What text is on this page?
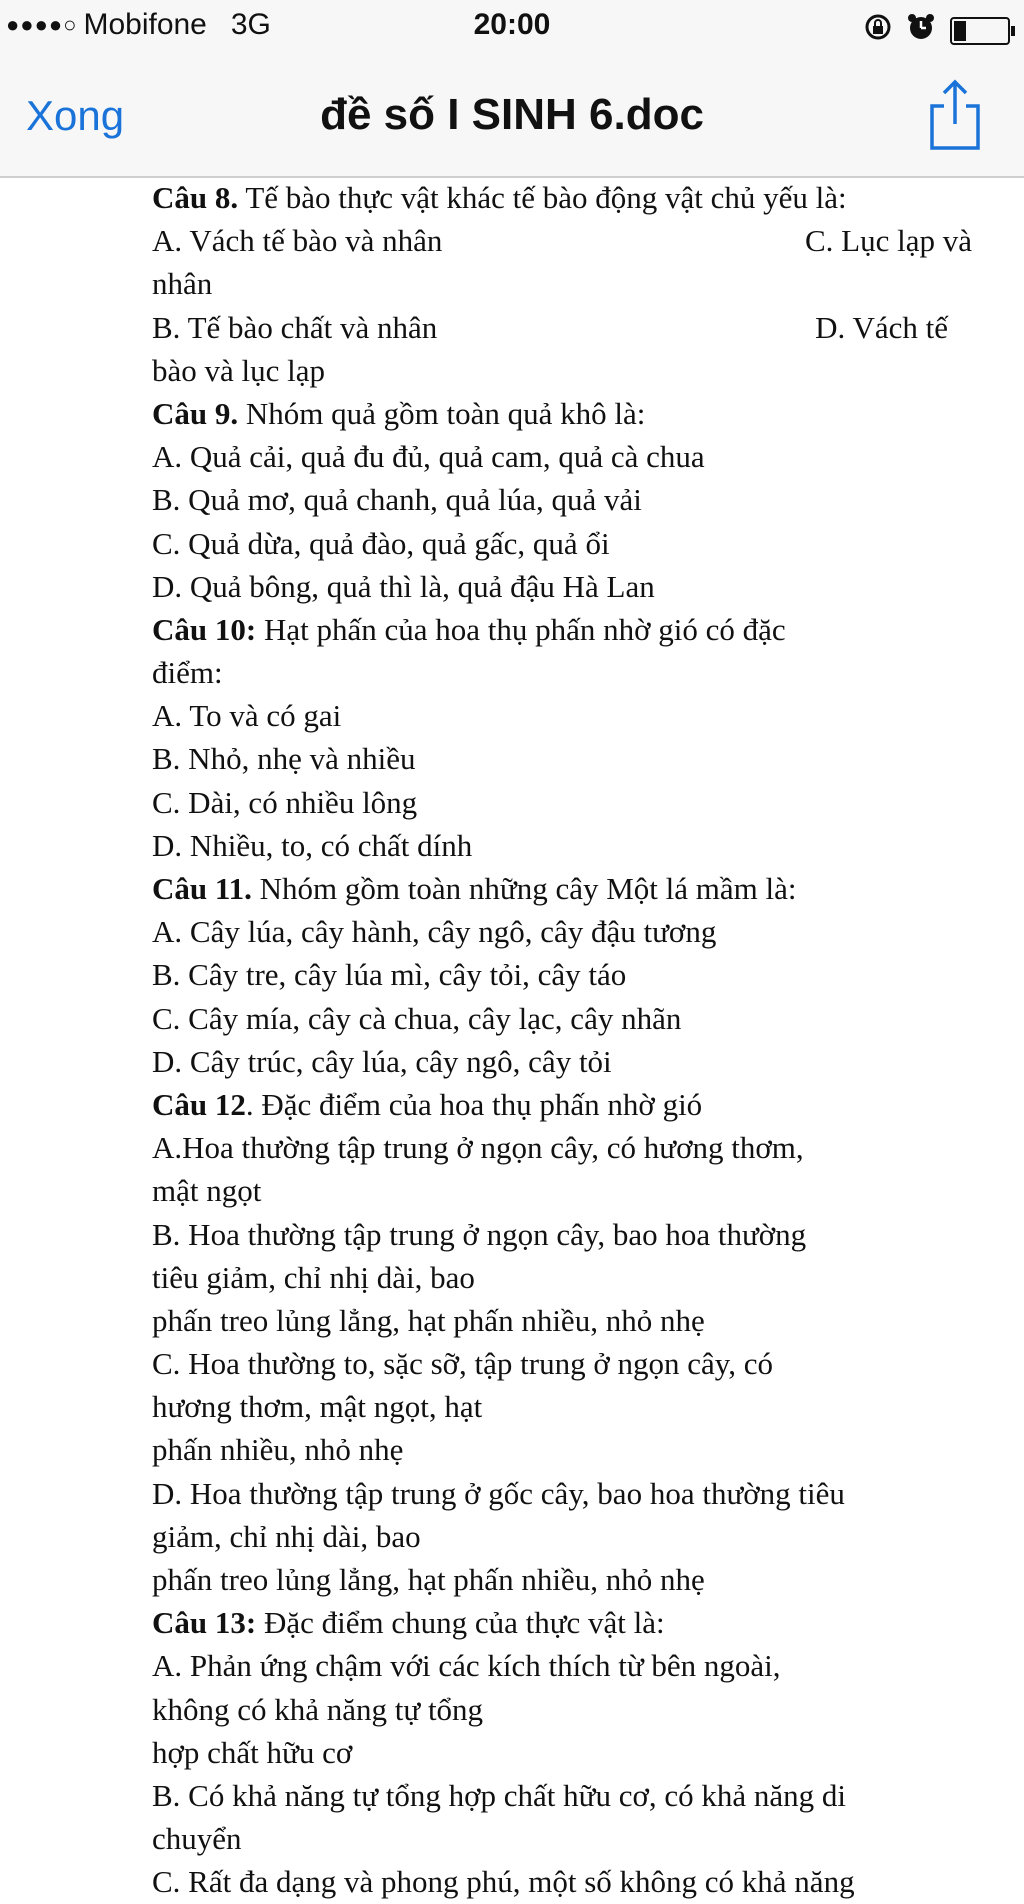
●●●●○ Mobifone 3G	20:00
Xong	đề số I SINH 6.doc
Câu 8. Tế bào thực vật khác tế bào động vật chủ yếu là:
A. Vách tế bào và nhân	C. Lục lạp và
nhân
B. Tế bào chất và nhân	D. Vách tế
bào và lục lạp
Câu 9. Nhóm quả gồm toàn quả khô là:
A. Quả cải, quả đu đủ, quả cam, quả cà chua
B. Quả mơ, quả chanh, quả lúa, quả vải
C. Quả dừa, quả đào, quả gấc, quả ổi
D. Quả bông, quả thì là, quả đậu Hà Lan
Câu 10: Hạt phấn của hoa thụ phấn nhờ gió có đặc
điểm:
A. To và có gai
B. Nhỏ, nhẹ và nhiều
C. Dài, có nhiều lông
D. Nhiều, to, có chất dính
Câu 11. Nhóm gồm toàn những cây Một lá mầm là:
A. Cây lúa, cây hành, cây ngô, cây đậu tương
B. Cây tre, cây lúa mì, cây tỏi, cây táo
C. Cây mía, cây cà chua, cây lạc, cây nhãn
D. Cây trúc, cây lúa, cây ngô, cây tỏi
Câu 12. Đặc điểm của hoa thụ phấn nhờ gió
A.Hoa thường tập trung ở ngọn cây, có hương thơm,
mật ngọt
B. Hoa thường tập trung ở ngọn cây, bao hoa thường
tiêu giảm, chỉ nhị dài, bao
phấn treo lủng lẳng, hạt phấn nhiều, nhỏ nhẹ
C. Hoa thường to, sặc sỡ, tập trung ở ngọn cây, có
hương thơm, mật ngọt, hạt
phấn nhiều, nhỏ nhẹ
D. Hoa thường tập trung ở gốc cây, bao hoa thường tiêu
giảm, chỉ nhị dài, bao
phấn treo lủng lẳng, hạt phấn nhiều, nhỏ nhẹ
Câu 13: Đặc điểm chung của thực vật là:
A. Phản ứng chậm với các kích thích từ bên ngoài,
không có khả năng tự tổng
hợp chất hữu cơ
B. Có khả năng tự tổng hợp chất hữu cơ, có khả năng di
chuyển
C. Rất đa dạng và phong phú, một số không có khả năng
